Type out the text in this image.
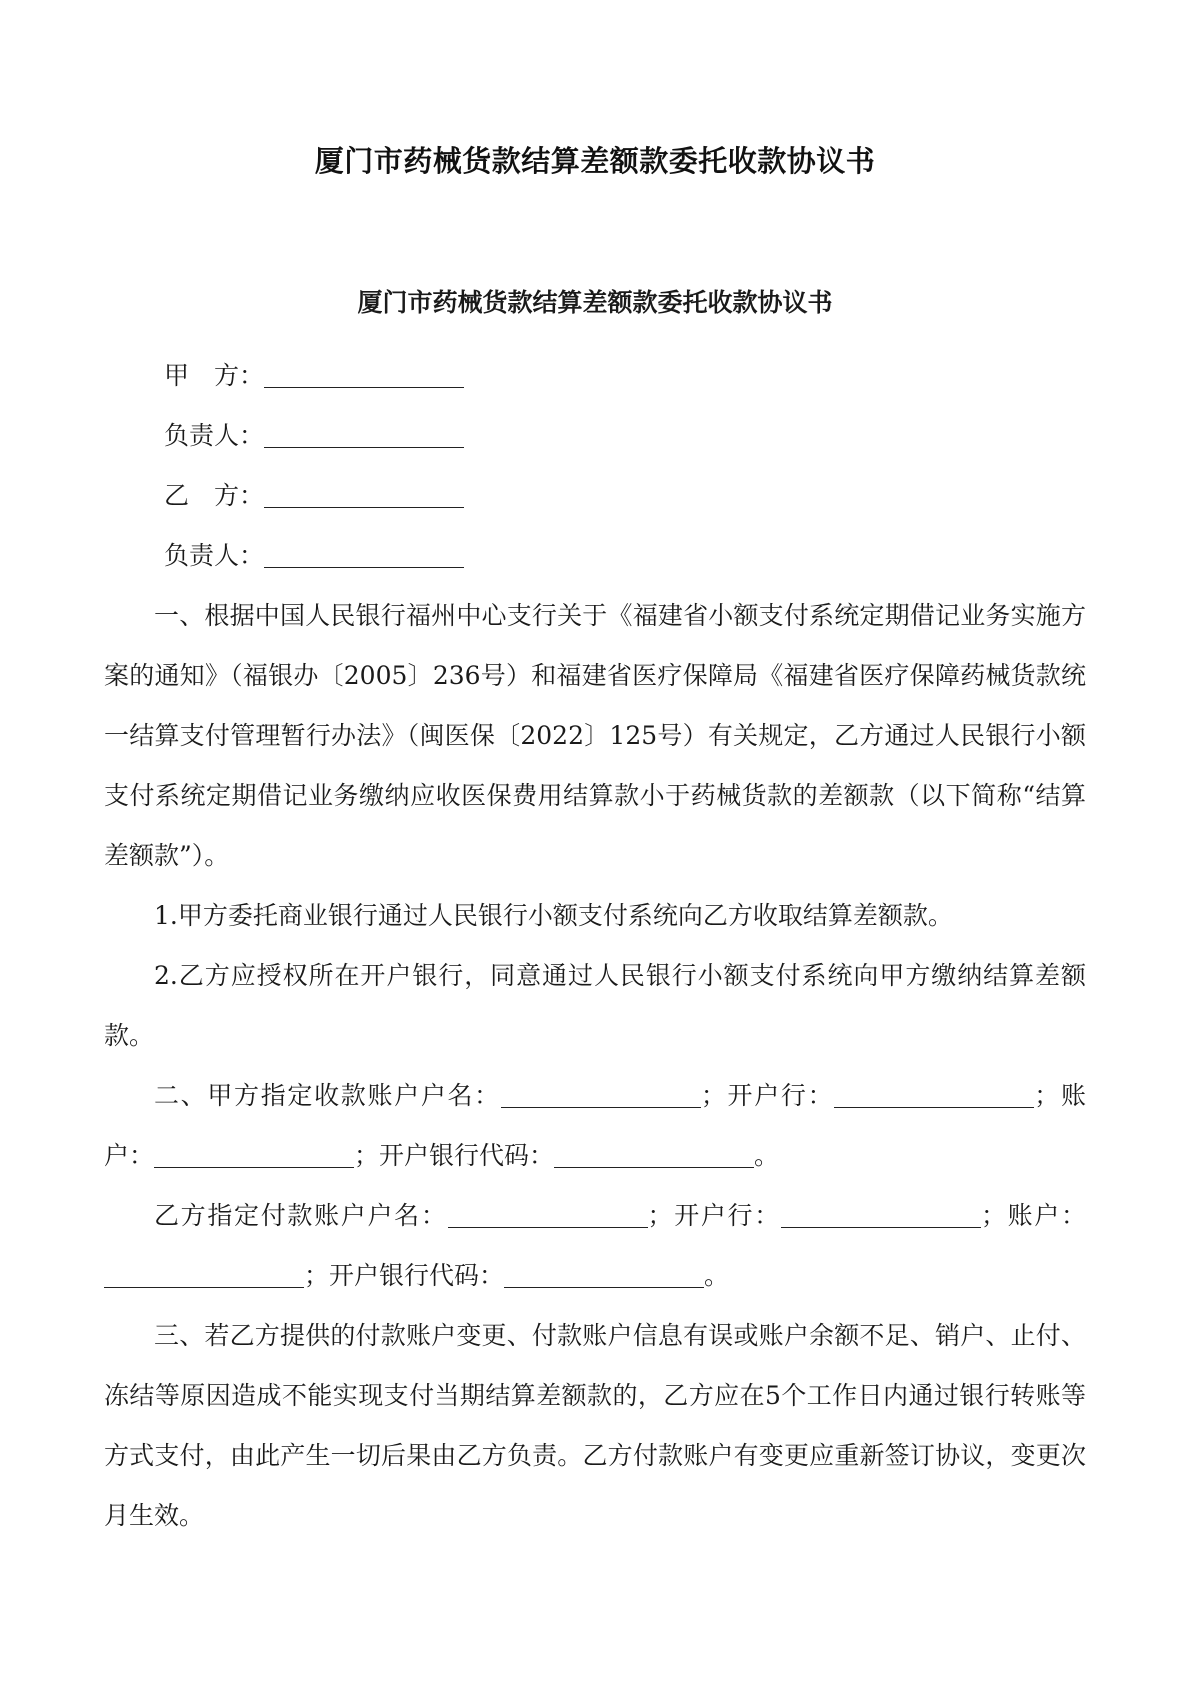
厦门市药械货款结算差额款委托收款协议书
厦门市药械货款结算差额款委托收款协议书
甲　方：
负责人：
乙　方：
负责人：

一、根据中国人民银行福州中心支行关于《福建省小额支付系统定期借记业务实施方案的通知》（福银办〔2005〕236号）和福建省医疗保障局《福建省医疗保障药械货款统一结算支付管理暂行办法》（闽医保〔2022〕125号）有关规定，乙方通过人民银行小额支付系统定期借记业务缴纳应收医保费用结算款小于药械货款的差额款（以下简称“结算差额款”）。

1.甲方委托商业银行通过人民银行小额支付系统向乙方收取结算差额款。

2.乙方应授权所在开户银行，同意通过人民银行小额支付系统向甲方缴纳结算差额款。

二、甲方指定收款账户户名：	；开户行：	；账户：	；开户银行代码：	。

乙方指定付款账户户名：	；开户行：	；账户：；开户银行代码：	。

三、若乙方提供的付款账户变更、付款账户信息有误或账户余额不足、销户、止付、冻结等原因造成不能实现支付当期结算差额款的，乙方应在5个工作日内通过银行转账等方式支付，由此产生一切后果由乙方负责。乙方付款账户有变更应重新签订协议，变更次月生效。
